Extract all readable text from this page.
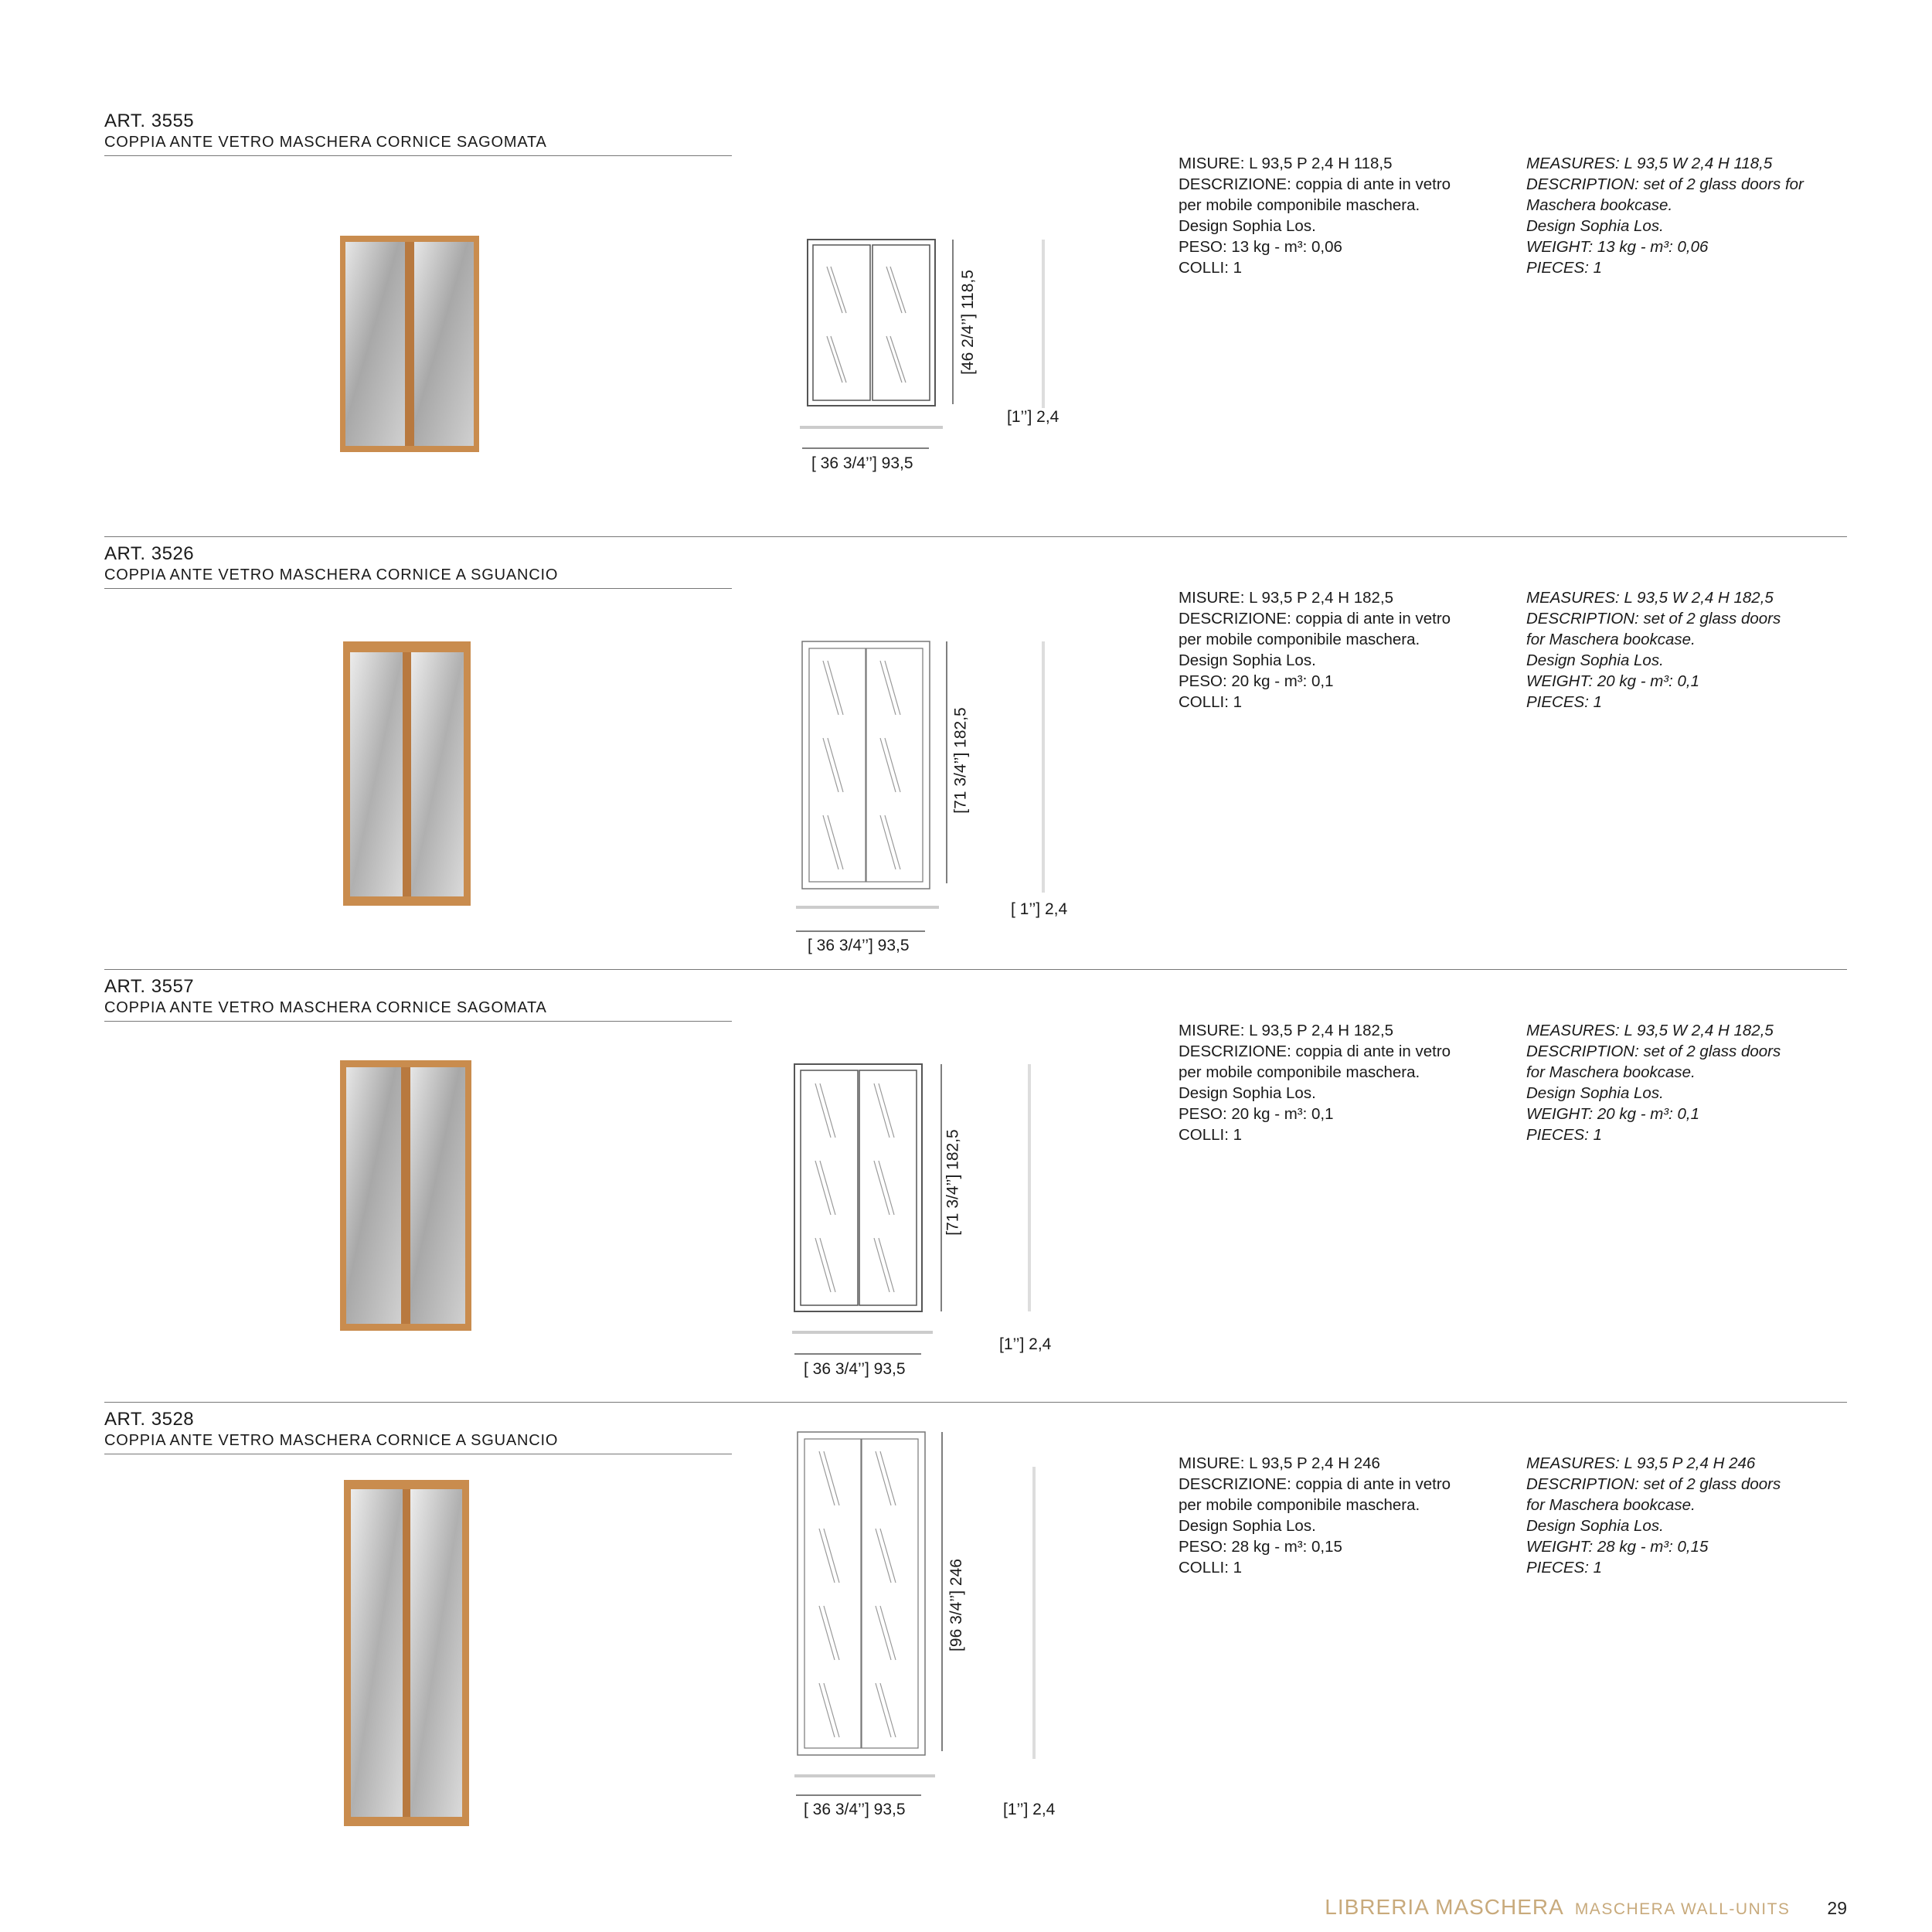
ART. 3555
COPPIA ANTE VETRO MASCHERA CORNICE SAGOMATA
[ 36 3/4’’] 93,5
[46 2/4’’] 118,5
[1’’] 2,4
MISURE: L 93,5 P 2,4 H 118,5
DESCRIZIONE: coppia di ante in vetro
per mobile componibile maschera.
Design Sophia Los.
PESO: 13 kg - m³: 0,06
COLLI: 1
MEASURES: L 93,5 W 2,4 H 118,5
DESCRIPTION: set of 2 glass doors for
Maschera bookcase.
Design Sophia Los.
WEIGHT: 13 kg - m³: 0,06
PIECES: 1
ART. 3526
COPPIA ANTE VETRO MASCHERA CORNICE A SGUANCIO
[ 36 3/4’’] 93,5
[71 3/4’’] 182,5
[ 1’’] 2,4
MISURE: L 93,5 P 2,4 H 182,5
DESCRIZIONE: coppia di ante in vetro
per mobile componibile maschera.
Design Sophia Los.
PESO: 20 kg - m³: 0,1
COLLI: 1
MEASURES: L 93,5 W 2,4 H 182,5
DESCRIPTION: set of 2 glass doors
for Maschera bookcase.
Design Sophia Los.
WEIGHT: 20 kg - m³: 0,1
PIECES: 1
ART. 3557
COPPIA ANTE VETRO MASCHERA CORNICE SAGOMATA
[ 36 3/4’’] 93,5
[71 3/4’’] 182,5
[1’’] 2,4
MISURE: L 93,5 P 2,4 H 182,5
DESCRIZIONE: coppia di ante in vetro
per mobile componibile maschera.
Design Sophia Los.
PESO: 20 kg - m³: 0,1
COLLI: 1
MEASURES: L 93,5 W 2,4 H 182,5
DESCRIPTION: set of 2 glass doors
for Maschera bookcase.
Design Sophia Los.
WEIGHT: 20 kg - m³: 0,1
PIECES: 1
ART. 3528
COPPIA ANTE VETRO MASCHERA CORNICE A SGUANCIO
[ 36 3/4’’] 93,5
[96 3/4’’] 246
[1’’] 2,4
MISURE: L 93,5 P 2,4 H 246
DESCRIZIONE: coppia di ante in vetro
per mobile componibile maschera.
Design Sophia Los.
PESO: 28 kg - m³: 0,15
COLLI: 1
MEASURES: L 93,5 P 2,4 H 246
DESCRIPTION: set of 2 glass doors
for Maschera bookcase.
Design Sophia Los.
WEIGHT: 28 kg - m³: 0,15
PIECES: 1
LIBRERIA MASCHERA MASCHERA WALL-UNITS 29
